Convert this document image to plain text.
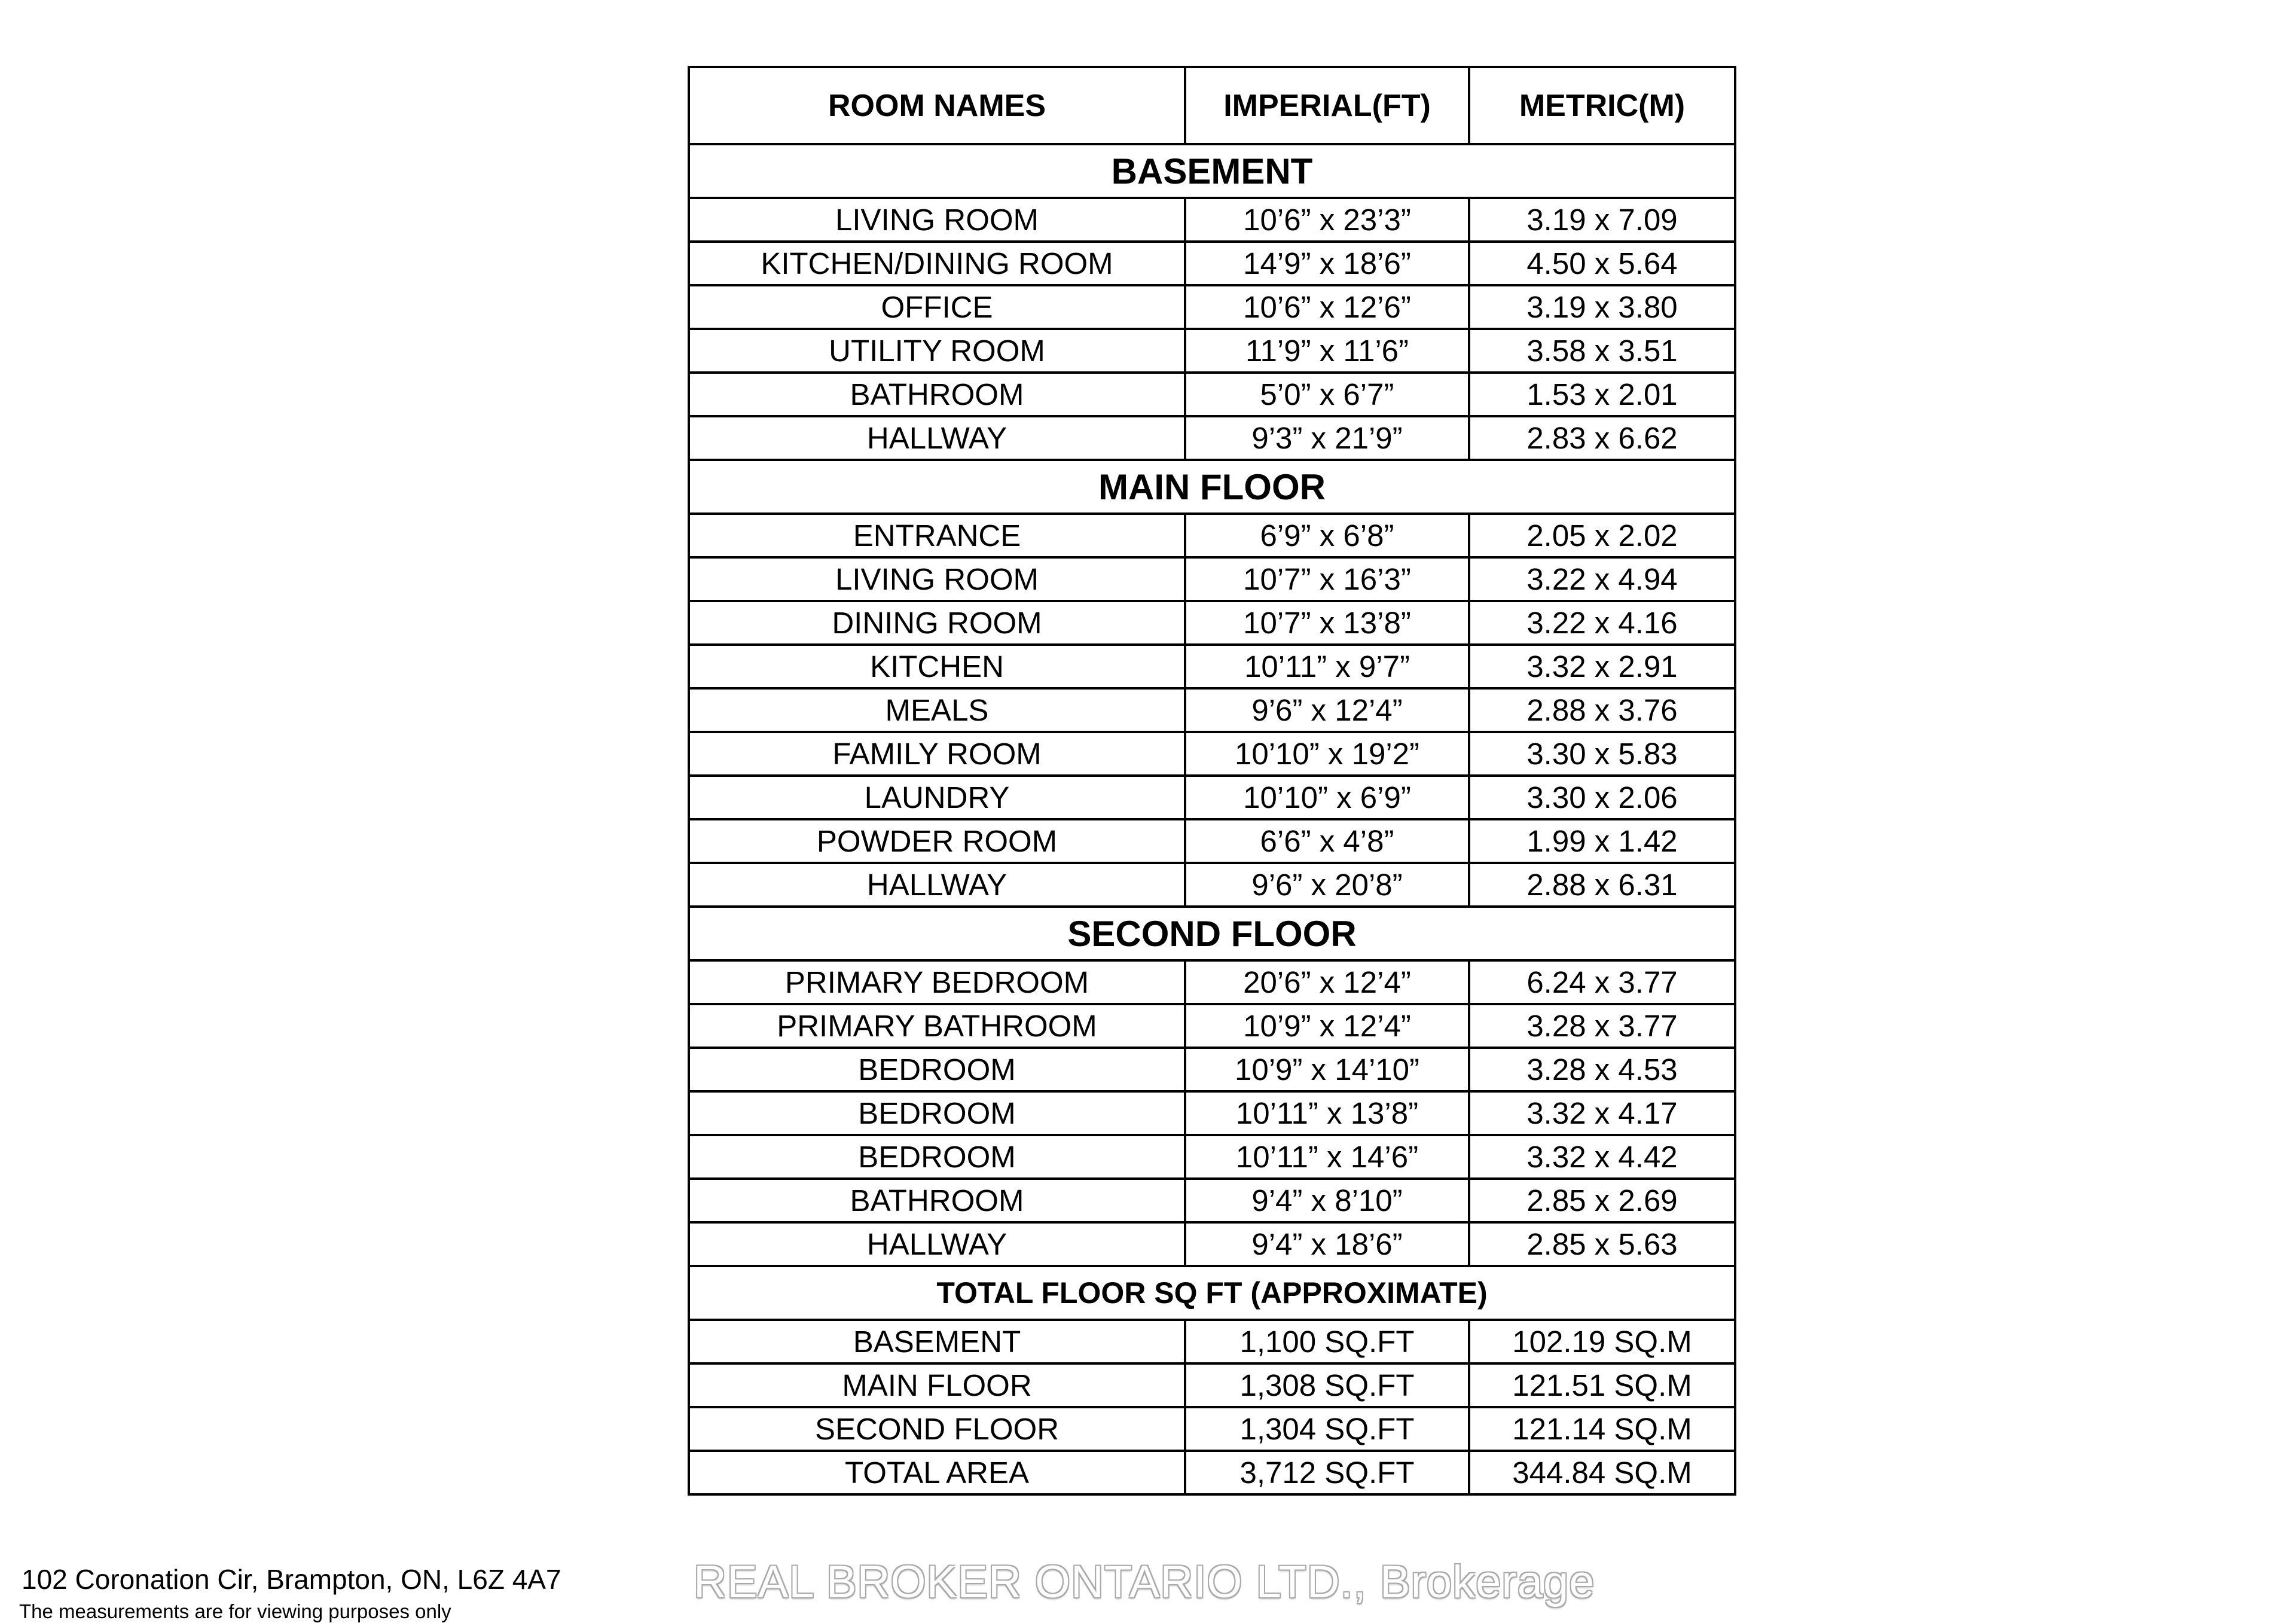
ROOM NAMES	IMPERIAL(FT)	METRIC(M)
BASEMENT		
LIVING ROOM	10’6” x 23’3”	3.19 x 7.09
KITCHEN/DINING ROOM	14’9” x 18’6”	4.50 x 5.64
OFFICE	10’6” x 12’6”	3.19 x 3.80
UTILITY ROOM	11’9” x 11’6”	3.58 x 3.51
BATHROOM	5’0” x 6’7”	1.53 x 2.01
HALLWAY	9’3” x 21’9”	2.83 x 6.62
MAIN FLOOR		
ENTRANCE	6’9” x 6’8”	2.05 x 2.02
LIVING ROOM	10’7” x 16’3”	3.22 x 4.94
DINING ROOM	10’7” x 13’8”	3.22 x 4.16
KITCHEN	10’11” x 9’7”	3.32 x 2.91
MEALS	9’6” x 12’4”	2.88 x 3.76
FAMILY ROOM	10’10” x 19’2”	3.30 x 5.83
LAUNDRY	10’10” x 6’9”	3.30 x 2.06
POWDER ROOM	6’6” x 4’8”	1.99 x 1.42
HALLWAY	9’6” x 20’8”	2.88 x 6.31
SECOND FLOOR		
PRIMARY BEDROOM	20’6” x 12’4”	6.24 x 3.77
PRIMARY BATHROOM	10’9” x 12’4”	3.28 x 3.77
BEDROOM	10’9” x 14’10”	3.28 x 4.53
BEDROOM	10’11” x 13’8”	3.32 x 4.17
BEDROOM	10’11” x 14’6”	3.32 x 4.42
BATHROOM	9’4” x 8’10”	2.85 x 2.69
HALLWAY	9’4” x 18’6”	2.85 x 5.63
TOTAL FLOOR SQ FT (APPROXIMATE)		
BASEMENT	1,100 SQ.FT	102.19 SQ.M
MAIN FLOOR	1,308 SQ.FT	121.51 SQ.M
SECOND FLOOR	1,304 SQ.FT	121.14 SQ.M
TOTAL AREA	3,712 SQ.FT	344.84 SQ.M
102 Coronation Cir, Brampton, ON, L6Z 4A7
The measurements are for viewing purposes only
REAL BROKER ONTARIO LTD., Brokerage
